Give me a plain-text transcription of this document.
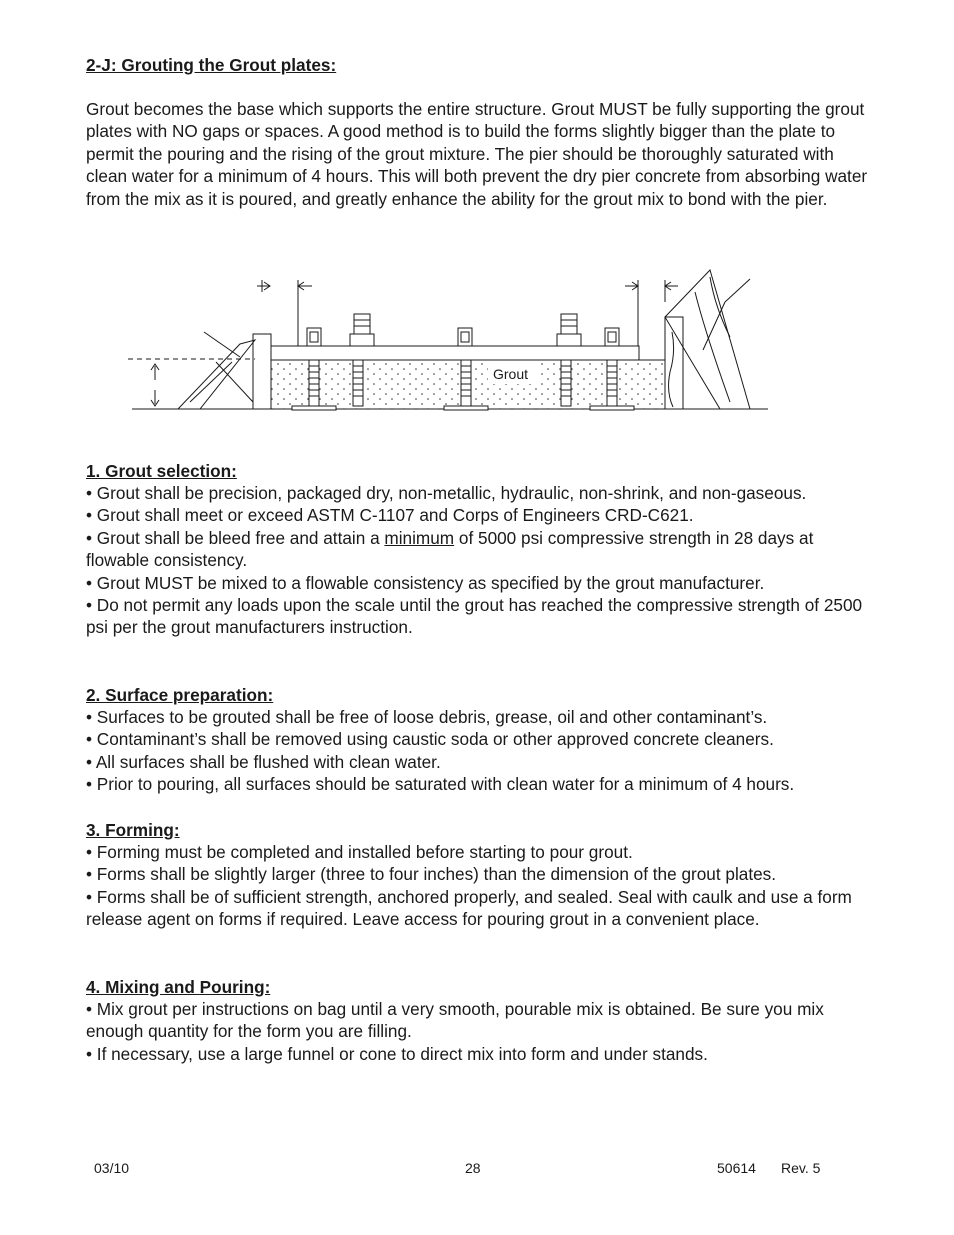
2-J: Grouting the Grout plates:
Grout becomes the base which supports the entire structure. Grout MUST be fully supporting the grout plates with NO gaps or spaces. A good method is to build the forms slightly bigger than the plate to permit the pouring and the rising of the grout mixture. The pier should be thoroughly saturated with clean water for a minimum of 4 hours. This will both prevent the dry pier concrete from absorbing water from the mix as it is poured, and greatly enhance the ability for the grout mix to bond with the pier.
Grout
1. Grout selection:
• Grout shall be precision, packaged dry, non-metallic, hydraulic, non-shrink, and non-gaseous.
• Grout shall meet or exceed ASTM C-1107 and Corps of Engineers CRD-C621.
• Grout shall be bleed free and attain a minimum of 5000 psi compressive strength in 28 days at flowable consistency.
• Grout MUST be mixed to a flowable consistency as specified by the grout manufacturer.
• Do not permit any loads upon the scale until the grout has reached the compressive strength of 2500 psi per the grout manufacturers instruction.
2. Surface preparation:
• Surfaces to be grouted shall be free of loose debris, grease, oil and other contaminant’s.
• Contaminant’s shall be removed using caustic soda or other approved concrete cleaners.
• All surfaces shall be flushed with clean water.
• Prior to pouring, all surfaces should be saturated with clean water for a minimum of 4 hours.
3. Forming:
• Forming must be completed and installed before starting to pour grout.
• Forms shall be slightly larger (three to four inches) than the dimension of the grout plates.
• Forms shall be of sufficient strength, anchored properly, and sealed. Seal with caulk and use a form release agent on forms if required. Leave access for pouring grout in a convenient place.
4. Mixing and Pouring:
• Mix grout per instructions on bag until a very smooth, pourable mix is obtained. Be sure you mix enough quantity for the form you are filling.
• If necessary, use a large funnel or cone to direct mix into form and under stands.
03/10	28	50614 Rev. 5
